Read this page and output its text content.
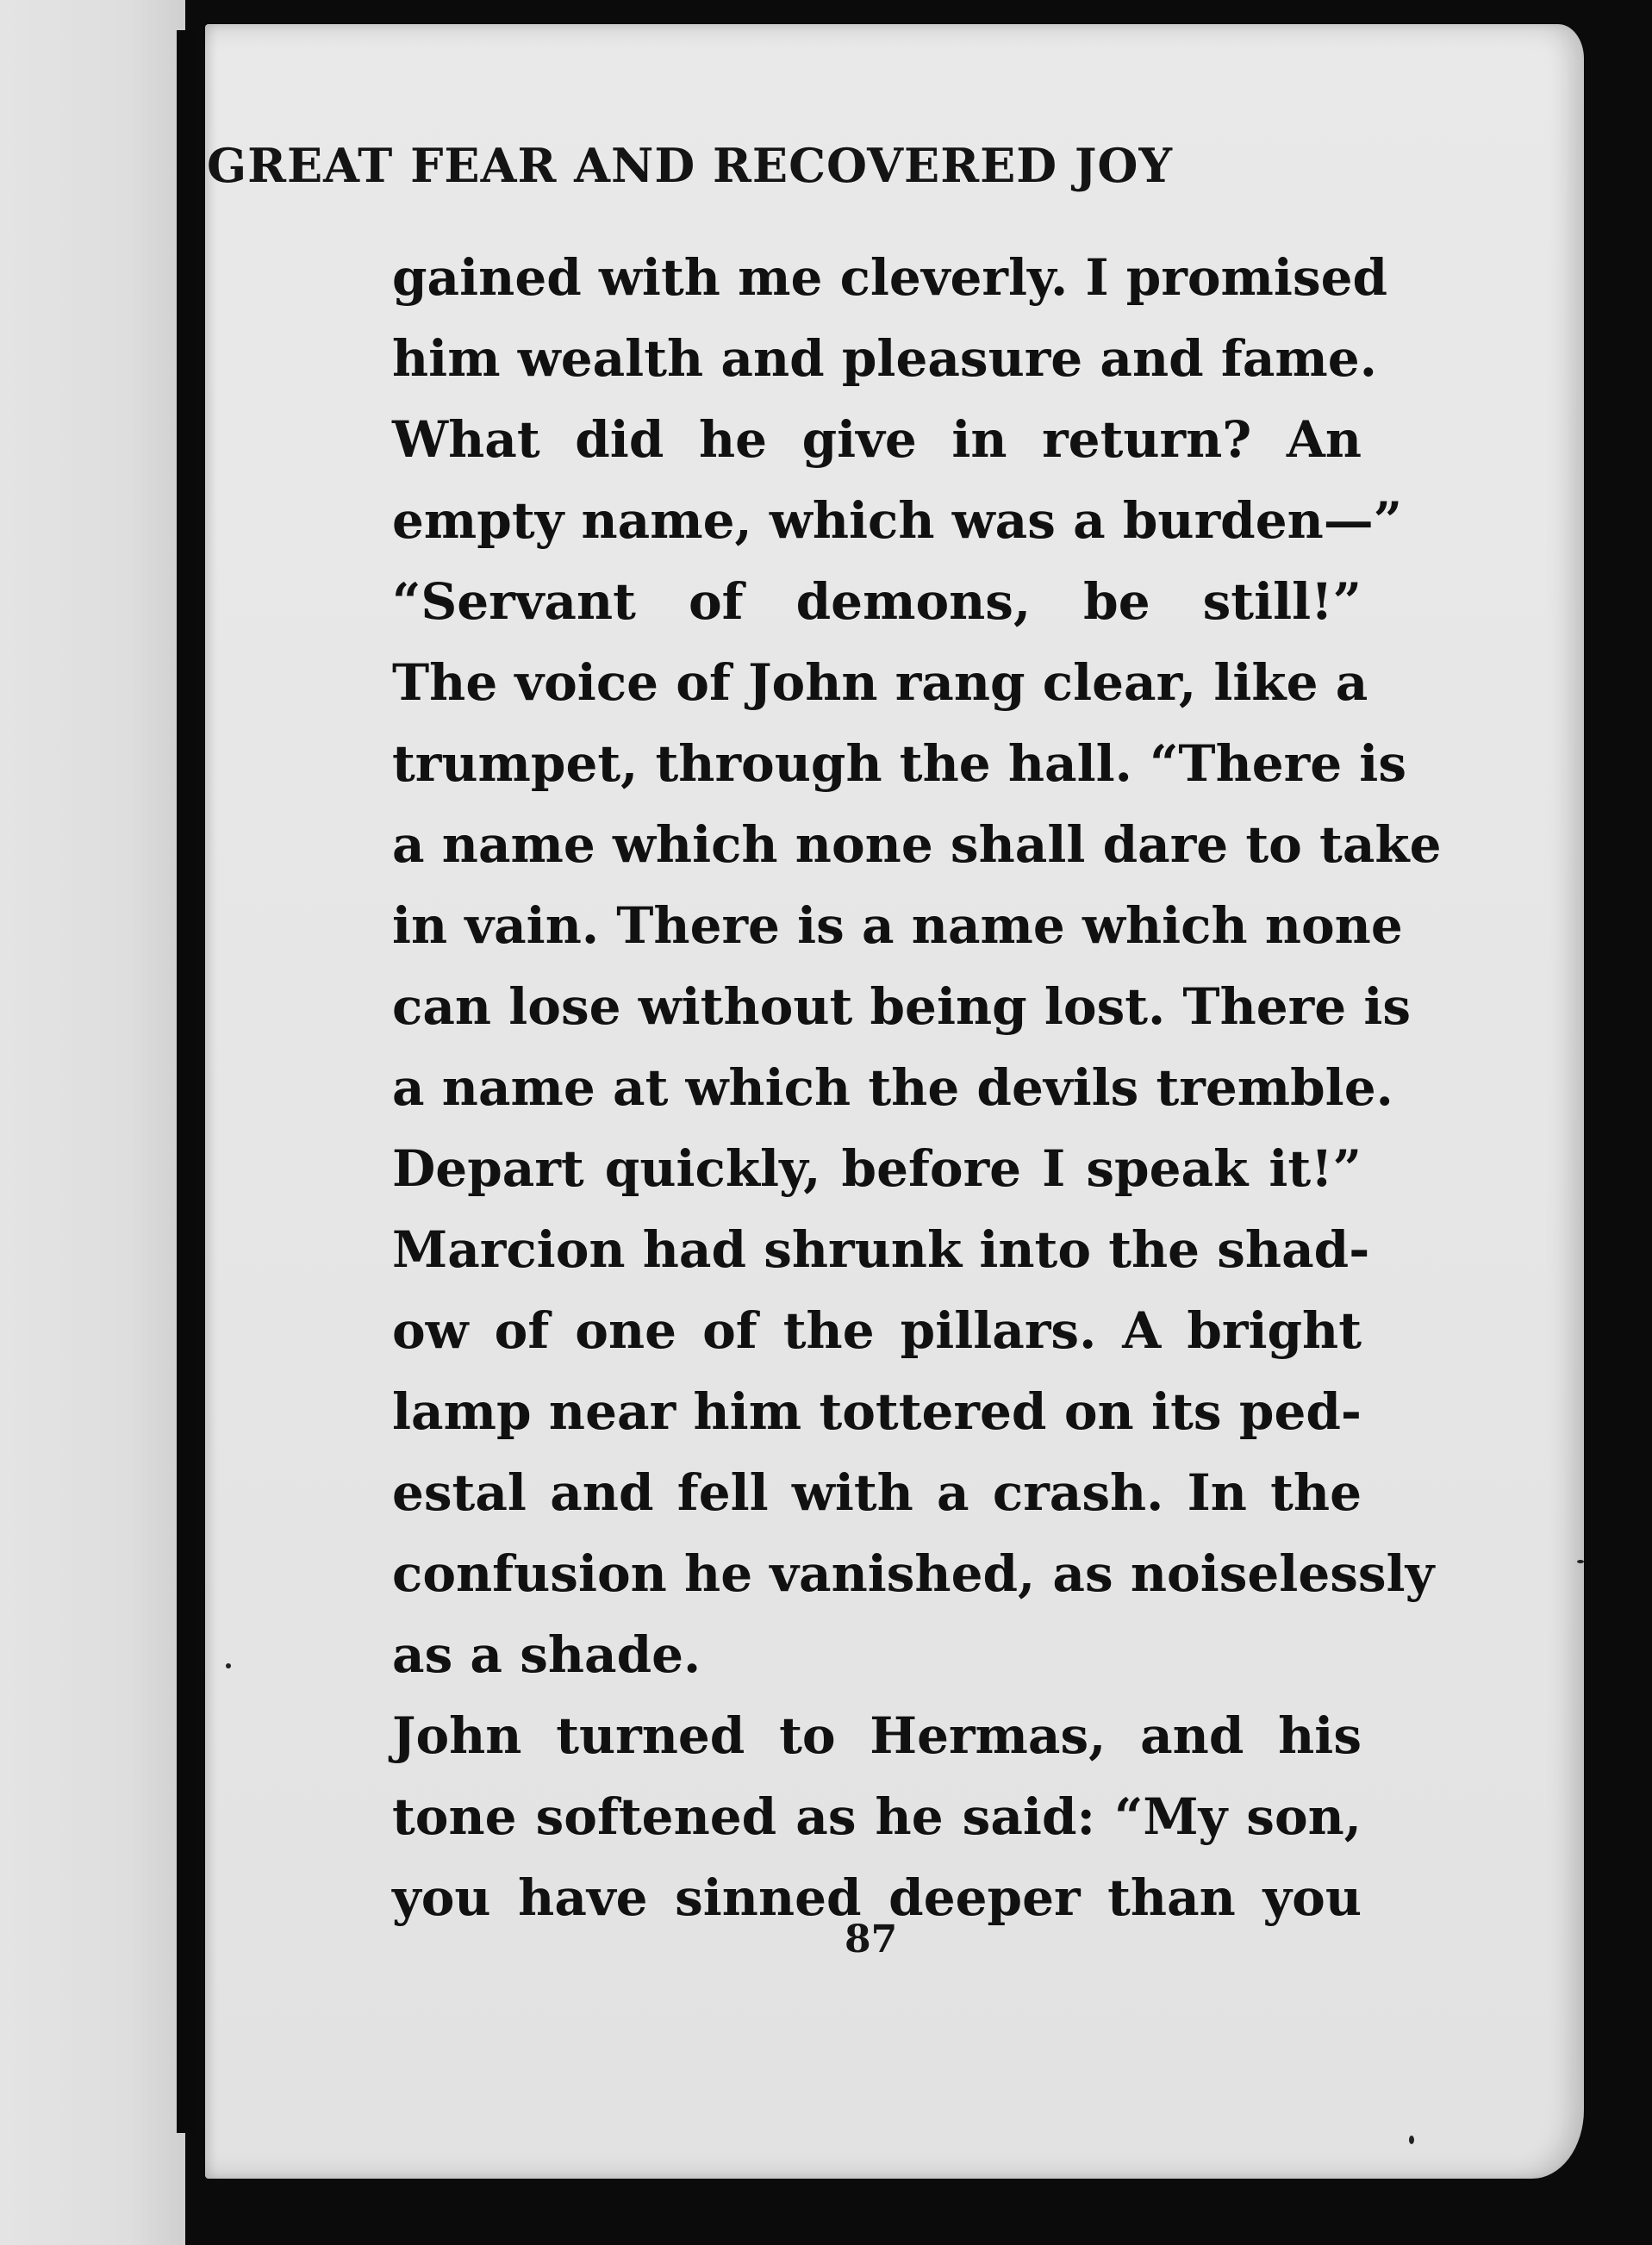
GREAT FEAR AND RECOVERED JOY
gained with me cleverly. I promised
him wealth and pleasure and fame.
What did he give in return? An
empty name, which was a burden—”
“Servant of demons, be still!”
The voice of John rang clear, like a
trumpet, through the hall. “There is
a name which none shall dare to take
in vain. There is a name which none
can lose without being lost. There is
a name at which the devils tremble.
Depart quickly, before I speak it!”
Marcion had shrunk into the shad-
ow of one of the pillars. A bright
lamp near him tottered on its ped-
estal and fell with a crash. In the
confusion he vanished, as noiselessly
as a shade.
John turned to Hermas, and his
tone softened as he said: “My son,
you have sinned deeper than you
87
